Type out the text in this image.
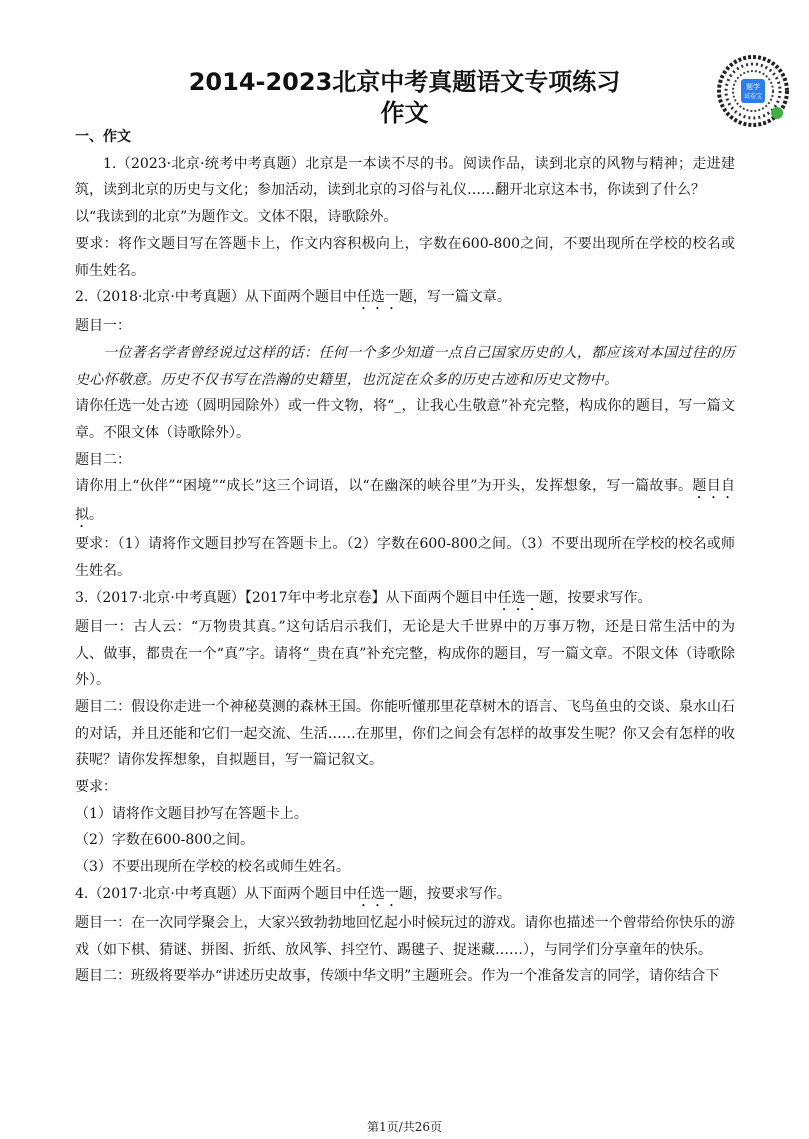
2014-2023北京中考真题语文专项练习
作文
题学
试卷宝

一、作文

1.（2023·北京·统考中考真题）北京是一本读不尽的书。阅读作品，读到北京的风物与精神；走进建筑，读到北京的历史与文化；参加活动，读到北京的习俗与礼仪……翻开北京这本书，你读到了什么？

以“我读到的北京”为题作文。文体不限，诗歌除外。

要求：将作文题目写在答题卡上，作文内容积极向上，字数在600-800之间，不要出现所在学校的校名或师生姓名。

2.（2018·北京·中考真题）从下面两个题目中任选一题，写一篇文章。

题目一：

一位著名学者曾经说过这样的话：任何一个多少知道一点自己国家历史的人，都应该对本国过往的历史心怀敬意。历史不仅书写在浩瀚的史籍里，也沉淀在众多的历史古迹和历史文物中。

请你任选一处古迹（圆明园除外）或一件文物，将“_，让我心生敬意”补充完整，构成你的题目，写一篇文章。不限文体（诗歌除外）。

题目二：

请你用上“伙伴”“困境”“成长”这三个词语，以“在幽深的峡谷里”为开头，发挥想象，写一篇故事。题目自拟。

要求：（1）请将作文题目抄写在答题卡上。（2）字数在600-800之间。（3）不要出现所在学校的校名或师生姓名。

3.（2017·北京·中考真题）【2017年中考北京卷】从下面两个题目中任选一题，按要求写作。

题目一：古人云：“万物贵其真。”这句话启示我们，无论是大千世界中的万事万物，还是日常生活中的为人、做事，都贵在一个“真”字。请将“_贵在真”补充完整，构成你的题目，写一篇文章。不限文体（诗歌除外）。

题目二：假设你走进一个神秘莫测的森林王国。你能听懂那里花草树木的语言、飞鸟鱼虫的交谈、泉水山石的对话，并且还能和它们一起交流、生活……在那里，你们之间会有怎样的故事发生呢？你又会有怎样的收获呢？请你发挥想象，自拟题目，写一篇记叙文。

要求：

（1）请将作文题目抄写在答题卡上。

（2）字数在600-800之间。

（3）不要出现所在学校的校名或师生姓名。

4.（2017·北京·中考真题）从下面两个题目中任选一题，按要求写作。

题目一：在一次同学聚会上，大家兴致勃勃地回忆起小时候玩过的游戏。请你也描述一个曾带给你快乐的游戏（如下棋、猜谜、拼图、折纸、放风筝、抖空竹、踢毽子、捉迷藏……），与同学们分享童年的快乐。

题目二：班级将要举办“讲述历史故事，传颂中华文明”主题班会。作为一个准备发言的同学，请你结合下

第1页/共26页
